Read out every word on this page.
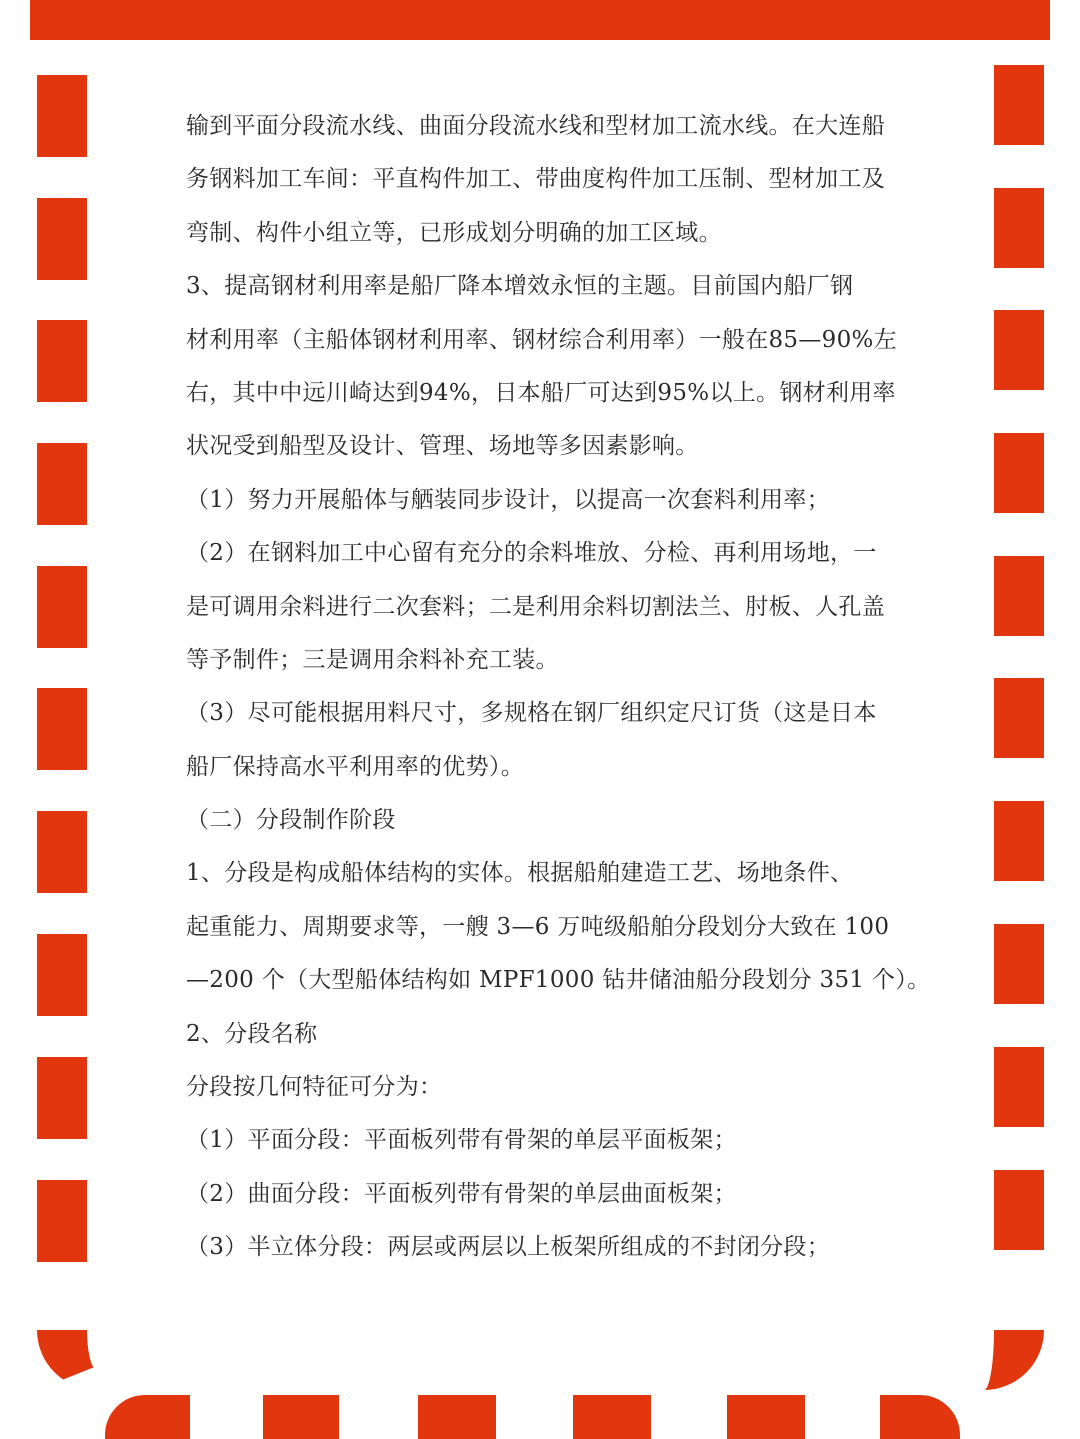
输到平面分段流水线、曲面分段流水线和型材加工流水线。在大连船
务钢料加工车间：平直构件加工、带曲度构件加工压制、型材加工及
弯制、构件小组立等，已形成划分明确的加工区域。
3、提高钢材利用率是船厂降本增效永恒的主题。目前国内船厂钢
材利用率（主船体钢材利用率、钢材综合利用率）一般在85—90%左
右，其中中远川崎达到94%，日本船厂可达到95%以上。钢材利用率
状况受到船型及设计、管理、场地等多因素影响。
（1）努力开展船体与舾装同步设计，以提高一次套料利用率；
（2）在钢料加工中心留有充分的余料堆放、分检、再利用场地，一
是可调用余料进行二次套料；二是利用余料切割法兰、肘板、人孔盖
等予制件；三是调用余料补充工装。
（3）尽可能根据用料尺寸，多规格在钢厂组织定尺订货（这是日本
船厂保持高水平利用率的优势）。
（二）分段制作阶段
1、分段是构成船体结构的实体。根据船舶建造工艺、场地条件、
起重能力、周期要求等，一艘 3—6 万吨级船舶分段划分大致在 100
—200 个（大型船体结构如 MPF1000 钻井储油船分段划分 351 个）。
2、分段名称
分段按几何特征可分为：
（1）平面分段：平面板列带有骨架的单层平面板架；
（2）曲面分段：平面板列带有骨架的单层曲面板架；
（3）半立体分段：两层或两层以上板架所组成的不封闭分段；
